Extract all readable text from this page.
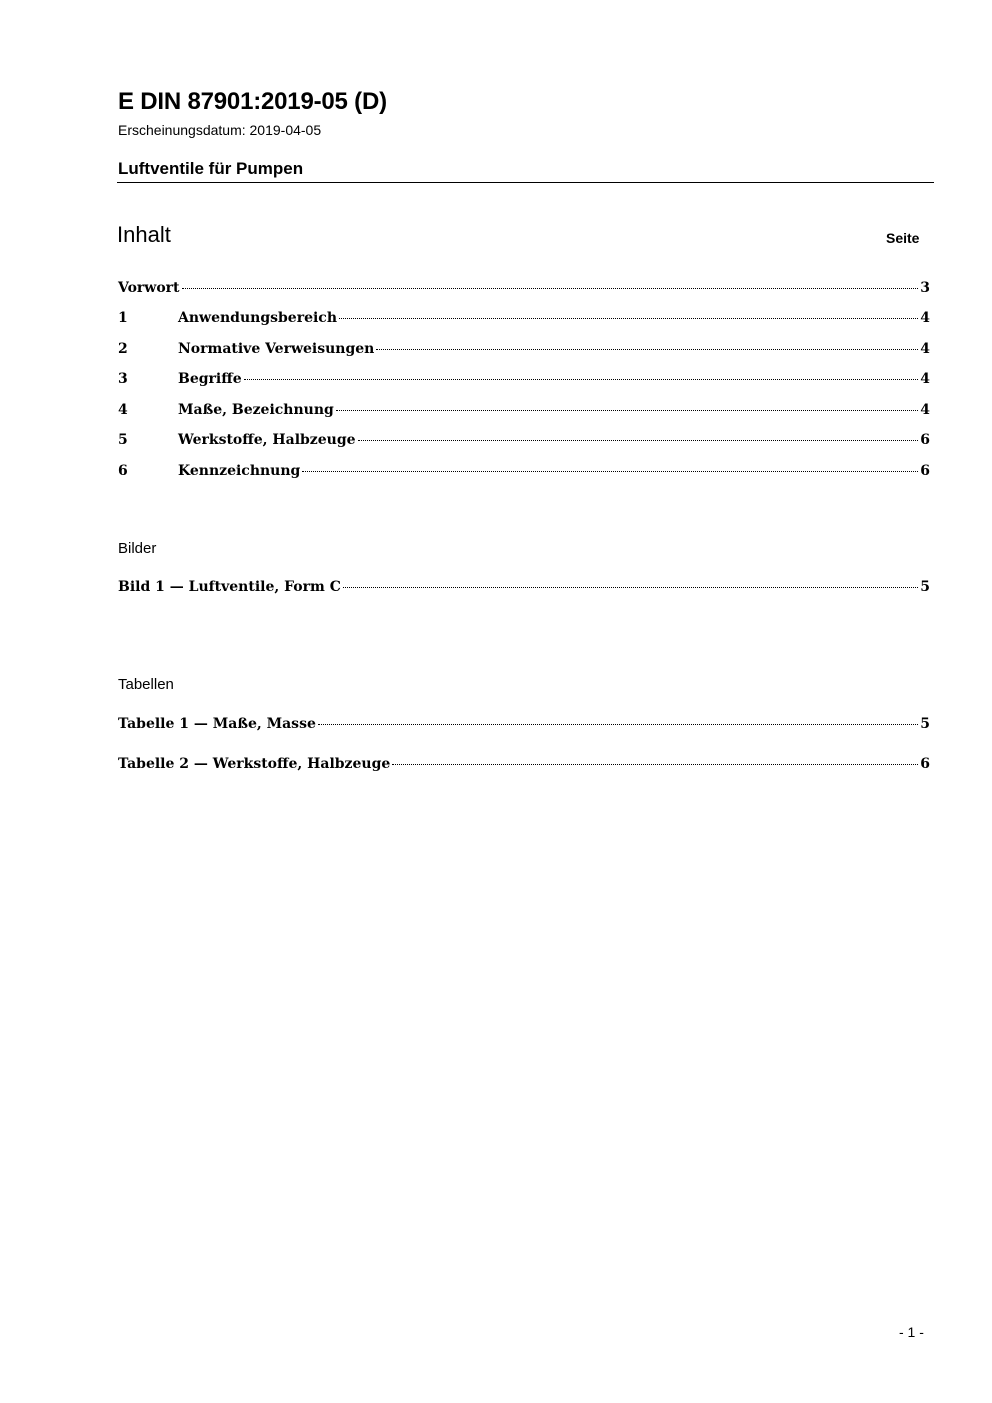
E DIN 87901:2019-05 (D)
Erscheinungsdatum: 2019-04-05
Luftventile für Pumpen
Inhalt	Seite
Vorwort	3
1	Anwendungsbereich	4
2	Normative Verweisungen	4
3	Begriffe	4
4	Maße, Bezeichnung	4
5	Werkstoffe, Halbzeuge	6
6	Kennzeichnung	6
Bilder
Bild 1 — Luftventile, Form C	5
Tabellen
Tabelle 1 — Maße, Masse	5
Tabelle 2 — Werkstoffe, Halbzeuge	6
- 1 -
